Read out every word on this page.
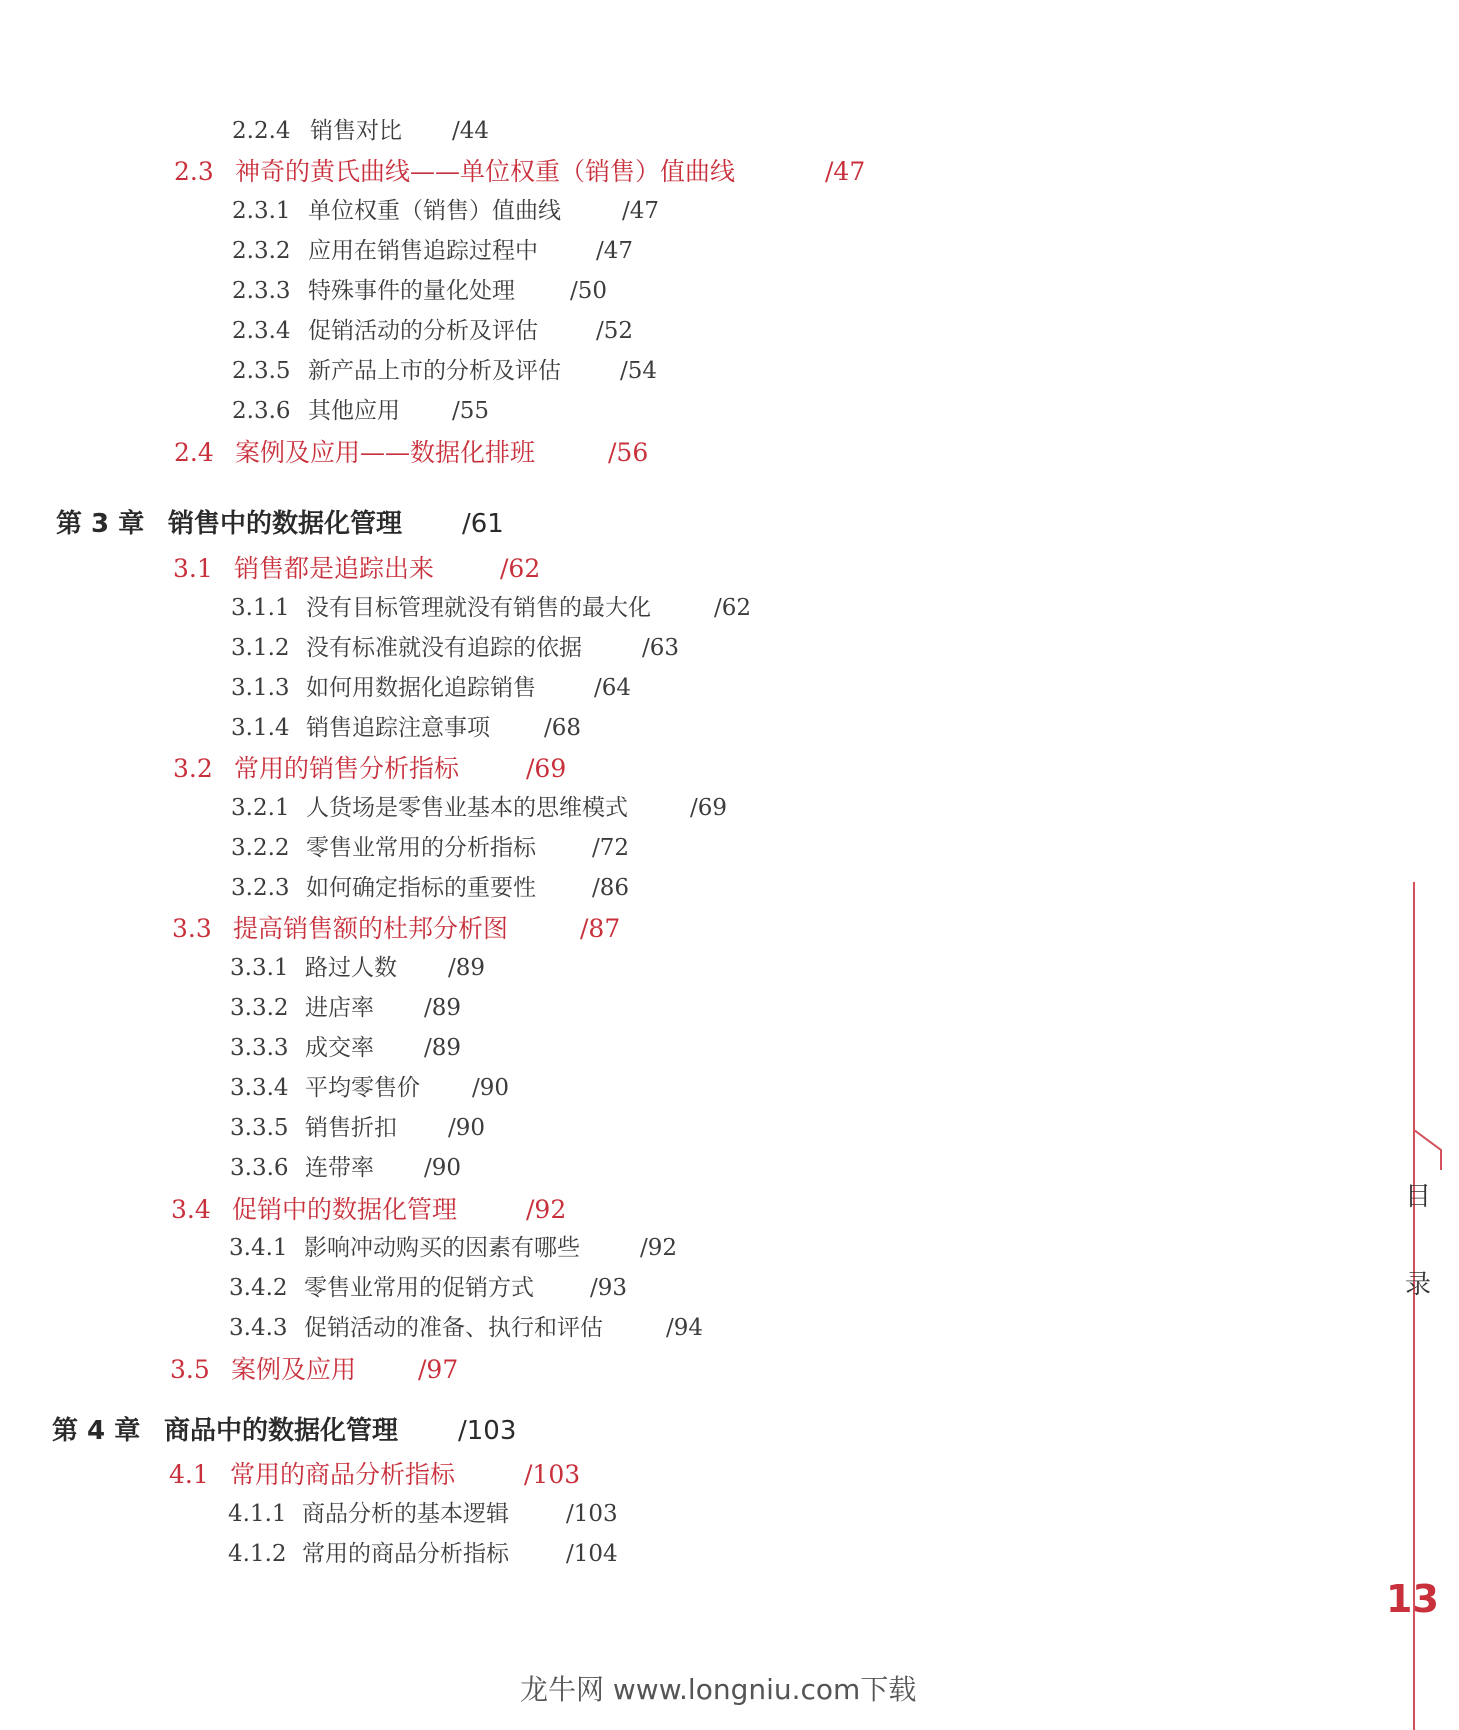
2.2.4 销售对比 /44
2.3 神奇的黄氏曲线——单位权重（销售）值曲线	/47
2.3.1 单位权重（销售）值曲线	/47
2.3.2 应用在销售追踪过程中	/47
2.3.3 特殊事件的量化处理 /50
2.3.4 促销活动的分析及评估	/52
2.3.5 新产品上市的分析及评估	/54
2.3.6 其他应用 /55
2.4 案例及应用——数据化排班	/56
第 3 章 销售中的数据化管理 /61
3.1 销售都是追踪出来	/62
3.1.1 没有目标管理就没有销售的最大化	/62
3.1.2 没有标准就没有追踪的依据	/63
3.1.3 如何用数据化追踪销售	/64
3.1.4 销售追踪注意事项 /68
3.2 常用的销售分析指标	/69
3.2.1 人货场是零售业基本的思维模式	/69
3.2.2 零售业常用的分析指标 /72
3.2.3 如何确定指标的重要性 /86
3.3 提高销售额的杜邦分析图	/87
3.3.1 路过人数 /89
3.3.2 进店率 /89
3.3.3 成交率 /89
3.3.4 平均零售价 /90
3.3.5 销售折扣 /90
3.3.6 连带率 /90
3.4 促销中的数据化管理	/92
3.4.1 影响冲动购买的因素有哪些	/92
3.4.2 零售业常用的促销方式 /93
3.4.3 促销活动的准备、执行和评估	/94
3.5 案例及应用 /97
第 4 章 商品中的数据化管理 /103
4.1 常用的商品分析指标	/103
4.1.1 商品分析的基本逻辑 /103
4.1.2 常用的商品分析指标 /104
目
录
13
龙牛网 www.longniu.com下载
